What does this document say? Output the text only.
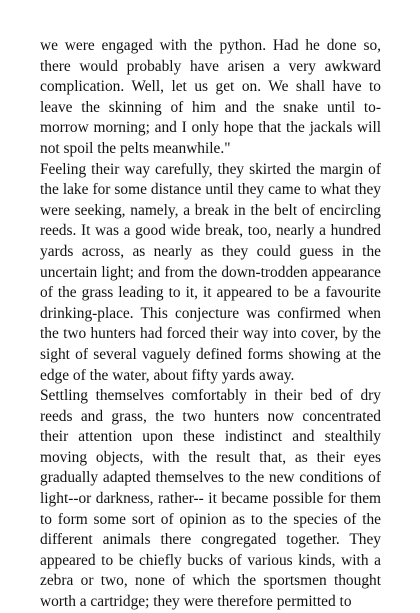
we were engaged with the python. Had he done so, there would probably have arisen a very awkward complication. Well, let us get on. We shall have to leave the skinning of him and the snake until to-morrow morning; and I only hope that the jackals will not spoil the pelts meanwhile."

Feeling their way carefully, they skirted the margin of the lake for some distance until they came to what they were seeking, namely, a break in the belt of encircling reeds. It was a good wide break, too, nearly a hundred yards across, as nearly as they could guess in the uncertain light; and from the down-trodden appearance of the grass leading to it, it appeared to be a favourite drinking-place. This conjecture was confirmed when the two hunters had forced their way into cover, by the sight of several vaguely defined forms showing at the edge of the water, about fifty yards away.

Settling themselves comfortably in their bed of dry reeds and grass, the two hunters now concentrated their attention upon these indistinct and stealthily moving objects, with the result that, as their eyes gradually adapted themselves to the new conditions of light--or darkness, rather-- it became possible for them to form some sort of opinion as to the species of the different animals there congregated together. They appeared to be chiefly bucks of various kinds, with a zebra or two, none of which the sportsmen thought worth a cartridge; they were therefore permitted to
